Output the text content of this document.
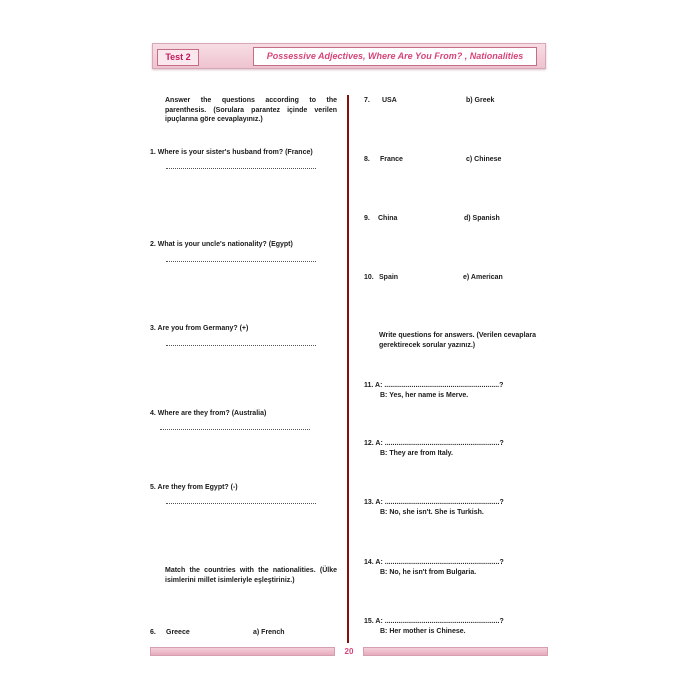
Test 2	Possessive Adjectives, Where Are You From? , Nationalities
Answer the questions according to the parenthesis. (Sorulara parantez içinde verilen ipuçlarına göre cevaplayınız.)
1. Where is your sister's husband from? (France)
2. What is your uncle's nationality? (Egypt)
3. Are you from Germany? (+)
4. Where are they from? (Australia)
5. Are they from Egypt? (-)
Match the countries with the nationalities. (Ülke isimlerini millet isimleriyle eşleştiriniz.)
6. Greece	a) French
7. USA	b) Greek
8. France	c) Chinese
9. China	d) Spanish
10. Spain	e) American
Write questions for answers. (Verilen cevaplara gerektirecek sorular yazınız.)
11. A: ...........................................................?
B: Yes, her name is Merve.
12. A: ...........................................................?
B: They are from Italy.
13. A: ...........................................................?
B: No, she isn't. She is Turkish.
14. A: ...........................................................?
B: No, he isn't from Bulgaria.
15. A: ...........................................................?
B: Her mother is Chinese.
20
